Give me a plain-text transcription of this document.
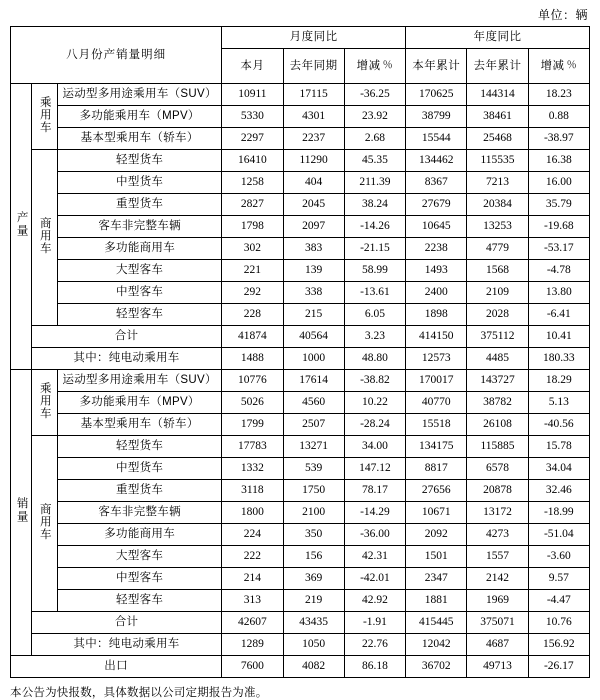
单位：辆
八月份产销量明细			月度同比			年度同比		
			本月	去年同期	增减 ％	本年累计	去年累计	增减 ％
产量	乘用车	运动型多用途乘用车（SUV）	10911	17115	-36.25	170625	144314	18.23
		多功能乘用车（MPV）	5330	4301	23.92	38799	38461	0.88
		基本型乘用车（轿车）	2297	2237	2.68	15544	25468	-38.97
	商用车	轻型货车	16410	11290	45.35	134462	115535	16.38
		中型货车	1258	404	211.39	8367	7213	16.00
		重型货车	2827	2045	38.24	27679	20384	35.79
		客车非完整车辆	1798	2097	-14.26	10645	13253	-19.68
		多功能商用车	302	383	-21.15	2238	4779	-53.17
		大型客车	221	139	58.99	1493	1568	-4.78
		中型客车	292	338	-13.61	2400	2109	13.80
		轻型客车	228	215	6.05	1898	2028	-6.41
	合计		41874	40564	3.23	414150	375112	10.41
	其中：纯电动乘用车		1488	1000	48.80	12573	4485	180.33
销量	乘用车	运动型多用途乘用车（SUV）	10776	17614	-38.82	170017	143727	18.29
		多功能乘用车（MPV）	5026	4560	10.22	40770	38782	5.13
		基本型乘用车（轿车）	1799	2507	-28.24	15518	26108	-40.56
	商用车	轻型货车	17783	13271	34.00	134175	115885	15.78
		中型货车	1332	539	147.12	8817	6578	34.04
		重型货车	3118	1750	78.17	27656	20878	32.46
		客车非完整车辆	1800	2100	-14.29	10671	13172	-18.99
		多功能商用车	224	350	-36.00	2092	4273	-51.04
		大型客车	222	156	42.31	1501	1557	-3.60
		中型客车	214	369	-42.01	2347	2142	9.57
		轻型客车	313	219	42.92	1881	1969	-4.47
	合计		42607	43435	-1.91	415445	375071	10.76
	其中：纯电动乘用车		1289	1050	22.76	12042	4687	156.92
出口			7600	4082	86.18	36702	49713	-26.17
本公告为快报数，具体数据以公司定期报告为准。
